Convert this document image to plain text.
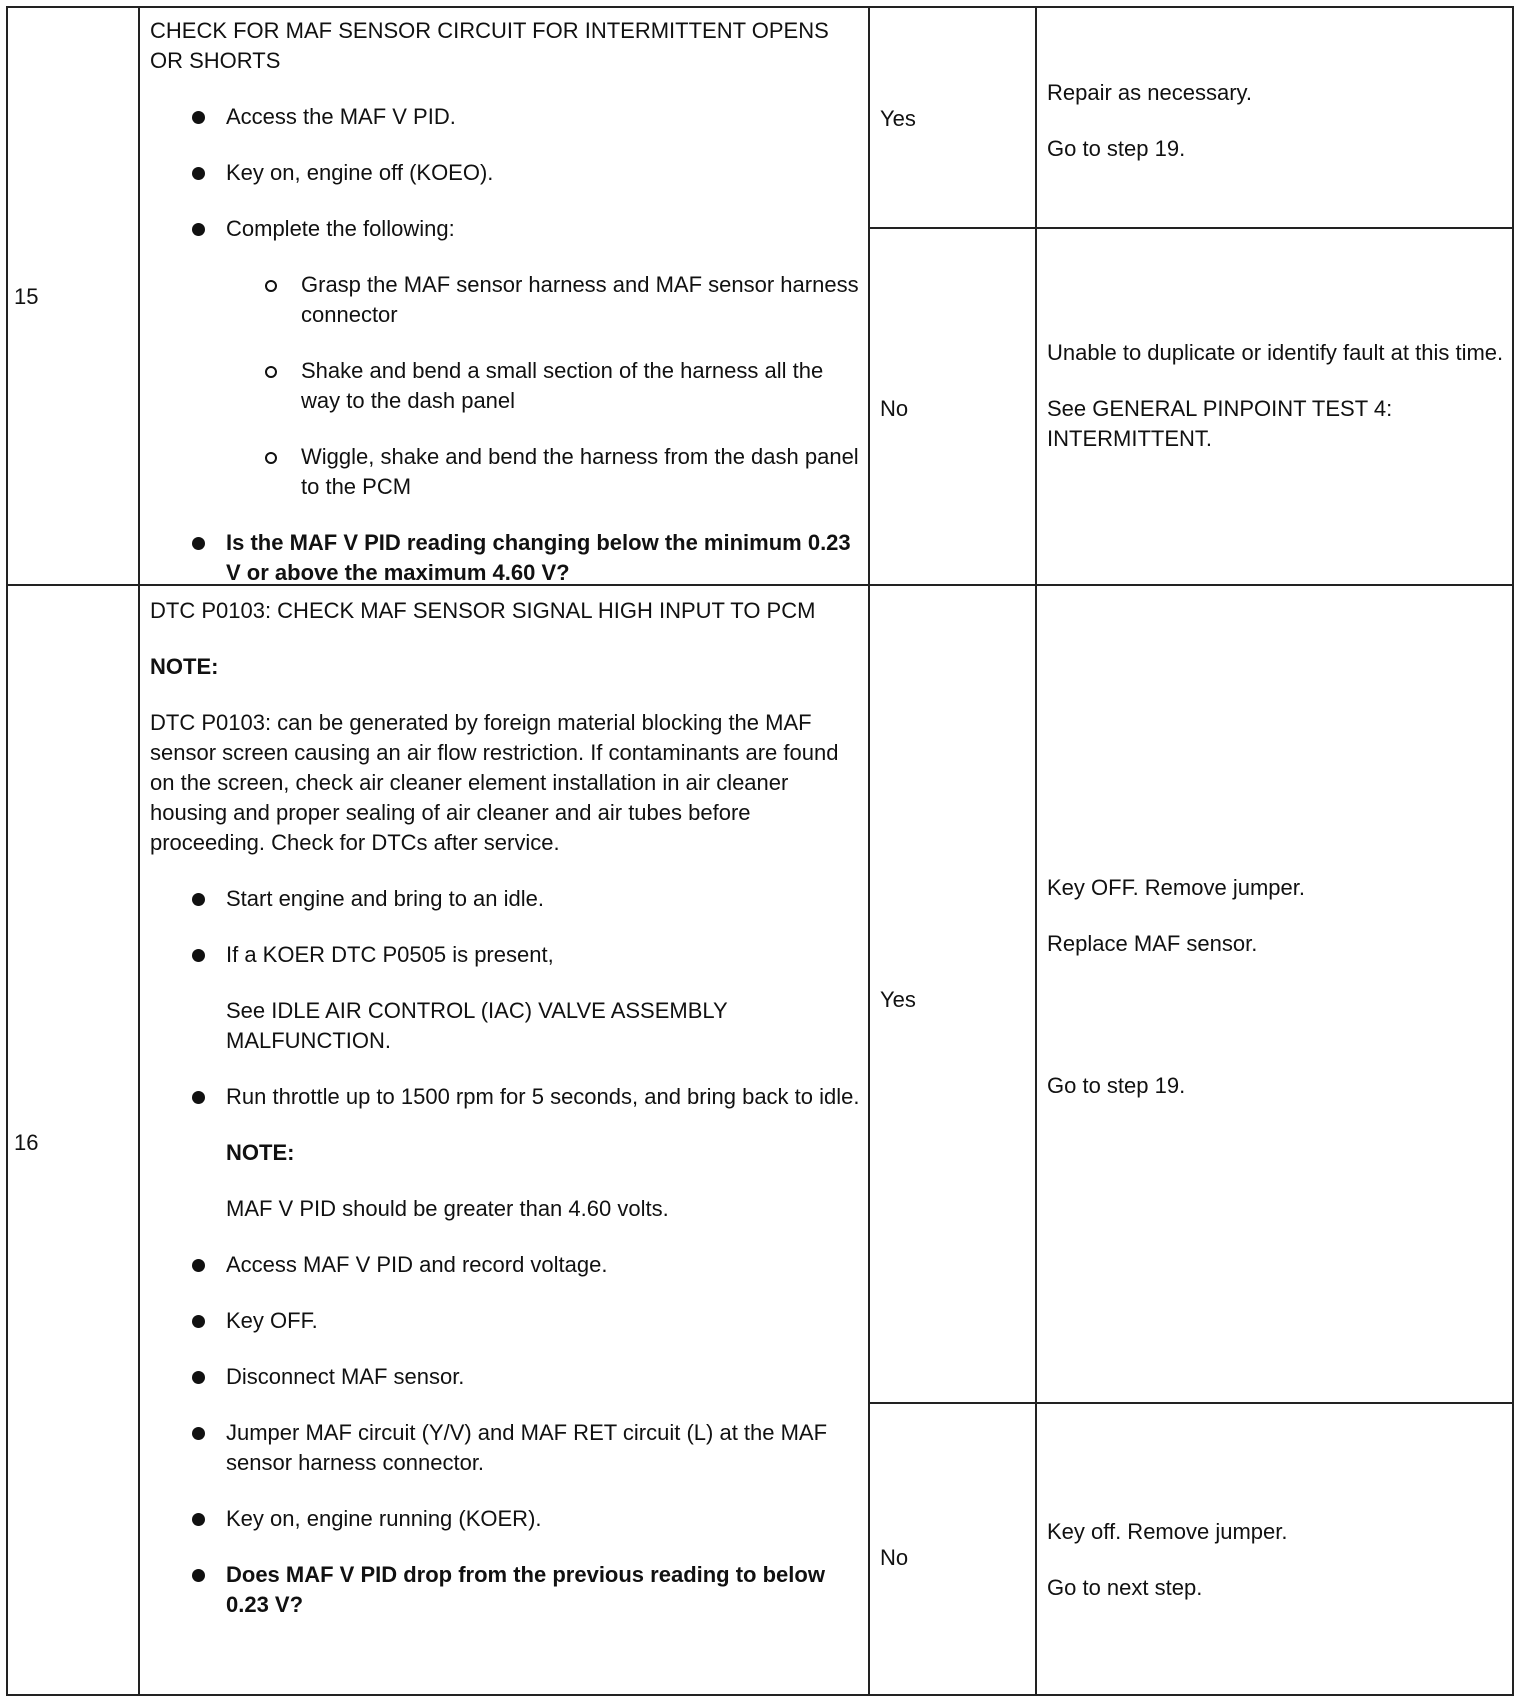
15

CHECK FOR MAF SENSOR CIRCUIT FOR INTERMITTENT OPENS OR SHORTS

Access the MAF V PID.
Key on, engine off (KOEO).
Complete the following:
Grasp the MAF sensor harness and MAF sensor harness connector
Shake and bend a small section of the harness all the way to the dash panel
Wiggle, shake and bend the harness from the dash panel to the PCM
Is the MAF V PID reading changing below the minimum 0.23 V or above the maximum 4.60 V?
Yes

Repair as necessary.

Go to step 19.

No

Unable to duplicate or identify fault at this time.

See GENERAL PINPOINT TEST 4: INTERMITTENT.

16

DTC P0103: CHECK MAF SENSOR SIGNAL HIGH INPUT TO PCM

NOTE:

DTC P0103: can be generated by foreign material blocking the MAF sensor screen causing an air flow restriction. If contaminants are found on the screen, check air cleaner element installation in air cleaner housing and proper sealing of air cleaner and air tubes before proceeding. Check for DTCs after service.

Start engine and bring to an idle.
If a KOER DTC P0505 is present,
See IDLE AIR CONTROL (IAC) VALVE ASSEMBLY MALFUNCTION.
Run throttle up to 1500 rpm for 5 seconds, and bring back to idle.
NOTE:
MAF V PID should be greater than 4.60 volts.
Access MAF V PID and record voltage.
Key OFF.
Disconnect MAF sensor.
Jumper MAF circuit (Y/V) and MAF RET circuit (L) at the MAF sensor harness connector.
Key on, engine running (KOER).
Does MAF V PID drop from the previous reading to below 0.23 V?
Yes

Key OFF. Remove jumper.

Replace MAF sensor.

Go to step 19.

No

Key off. Remove jumper.

Go to next step.
